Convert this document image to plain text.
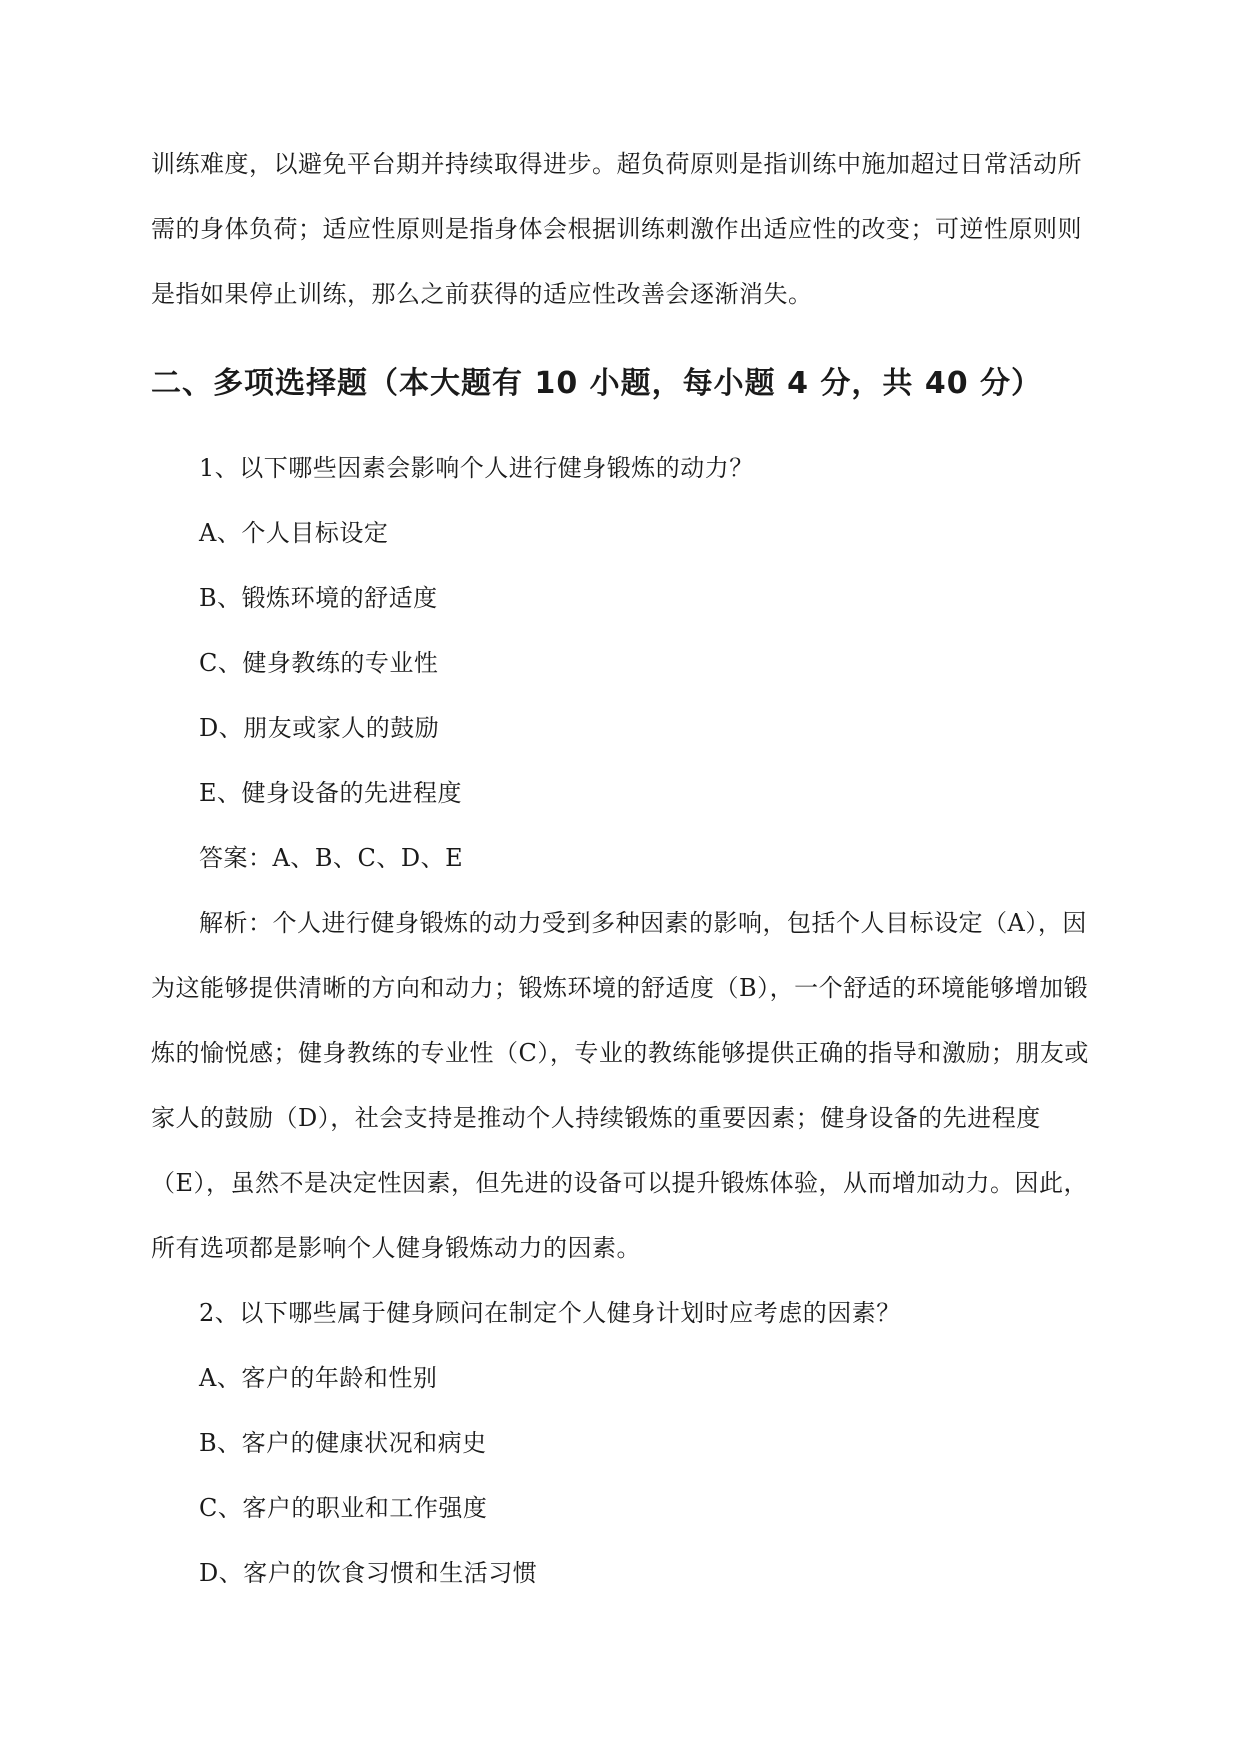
训练难度，以避免平台期并持续取得进步。超负荷原则是指训练中施加超过日常活动所
需的身体负荷；适应性原则是指身体会根据训练刺激作出适应性的改变；可逆性原则则
是指如果停止训练，那么之前获得的适应性改善会逐渐消失。
二、多项选择题（本大题有 10 小题，每小题 4 分，共 40 分）
1、以下哪些因素会影响个人进行健身锻炼的动力？
A、个人目标设定
B、锻炼环境的舒适度
C、健身教练的专业性
D、朋友或家人的鼓励
E、健身设备的先进程度
答案：A、B、C、D、E
解析：个人进行健身锻炼的动力受到多种因素的影响，包括个人目标设定（A），因
为这能够提供清晰的方向和动力；锻炼环境的舒适度（B），一个舒适的环境能够增加锻
炼的愉悦感；健身教练的专业性（C），专业的教练能够提供正确的指导和激励；朋友或
家人的鼓励（D），社会支持是推动个人持续锻炼的重要因素；健身设备的先进程度
（E），虽然不是决定性因素，但先进的设备可以提升锻炼体验，从而增加动力。因此，
所有选项都是影响个人健身锻炼动力的因素。
2、以下哪些属于健身顾问在制定个人健身计划时应考虑的因素？
A、客户的年龄和性别
B、客户的健康状况和病史
C、客户的职业和工作强度
D、客户的饮食习惯和生活习惯
